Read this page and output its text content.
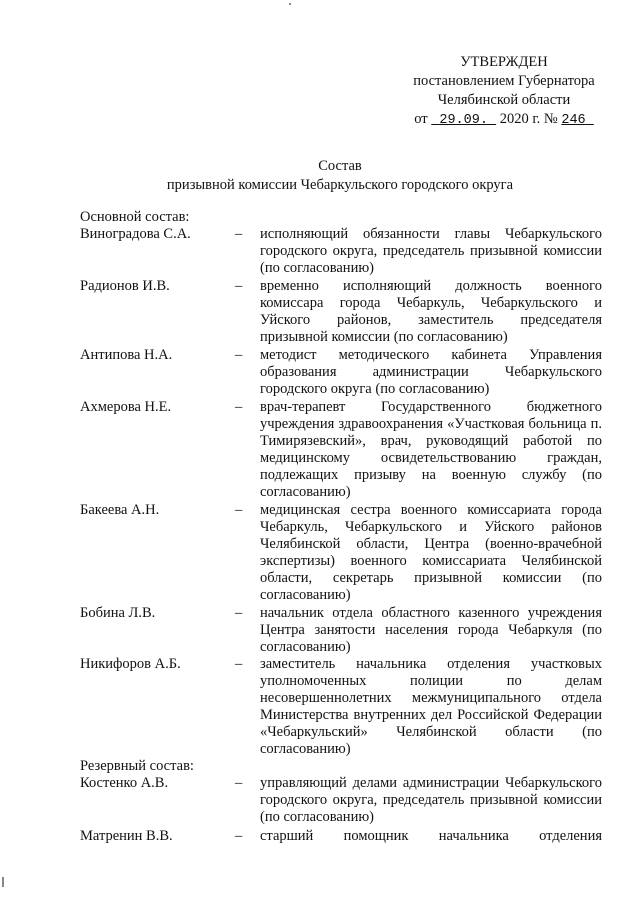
УТВЕРЖДЕН
постановлением Губернатора
Челябинской области
от 29.09. 2020 г. № 246
Состав
призывной комиссии Чебаркульского городского округа
Основной состав:
Виноградова С.А.	– исполняющий обязанности главы Чебаркульского городского округа, председатель призывной комиссии (по согласованию)
Радионов И.В.	– временно исполняющий должность военного комиссара города Чебаркуль, Чебаркульского и Уйского районов, заместитель председателя призывной комиссии (по согласованию)
Антипова Н.А.	– методист методического кабинета Управления образования администрации Чебаркульского городского округа (по согласованию)
Ахмерова Н.Е.	– врач-терапевт Государственного бюджетного учреждения здравоохранения «Участковая больница п. Тимирязевский», врач, руководящий работой по медицинскому освидетельствованию граждан, подлежащих призыву на военную службу (по согласованию)
Бакеева А.Н.	– медицинская сестра военного комиссариата города Чебаркуль, Чебаркульского и Уйского районов Челябинской области, Центра (военно-врачебной экспертизы) военного комиссариата Челябинской области, секретарь призывной комиссии (по согласованию)
Бобина Л.В.	– начальник отдела областного казенного учреждения Центра занятости населения города Чебаркуля (по согласованию)
Никифоров А.Б.	– заместитель начальника отделения участковых уполномоченных полиции по делам несовершеннолетних межмуниципального отдела Министерства внутренних дел Российской Федерации «Чебаркульский» Челябинской области (по согласованию)
Резервный состав:
Костенко А.В.	– управляющий делами администрации Чебаркульского городского округа, председатель призывной комиссии (по согласованию)
Матренин В.В.	– старший помощник начальника отделения
